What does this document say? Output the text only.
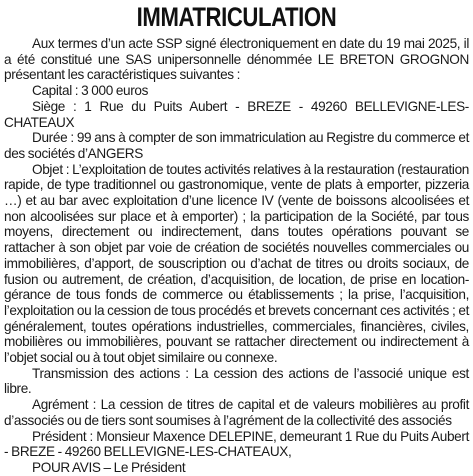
IMMATRICULATION

Aux termes d’un acte SSP signé électroniquement en date du 19 mai 2025, il a été constitué une SAS unipersonnelle dénommée LE BRETON GROGNON présentant les caractéristiques suivantes :

Capital : 3 000 euros

Siège : 1 Rue du Puits Aubert - BREZE - 49260 BELLEVIGNE-LES-CHATEAUX

Durée : 99 ans à compter de son immatriculation au Registre du commerce et des sociétés d’ANGERS

Objet : L’exploitation de toutes activités relatives à la restauration (restauration rapide, de type traditionnel ou gastronomique, vente de plats à emporter, pizzeria …) et au bar avec exploitation d’une licence IV (vente de boissons alcoolisées et non alcoolisées sur place et à emporter) ; la participation de la Société, par tous moyens, directement ou indirectement, dans toutes opérations pouvant se rattacher à son objet par voie de création de sociétés nouvelles commerciales ou immobilières, d’apport, de souscription ou d’achat de titres ou droits sociaux, de fusion ou autrement, de création, d’acquisition, de location, de prise en location-gérance de tous fonds de commerce ou établissements ; la prise, l’acquisition, l’exploitation ou la cession de tous procédés et brevets concernant ces activités ; et généralement, toutes opérations industrielles, commerciales, financières, civiles, mobilières ou immobilières, pouvant se rattacher directement ou indirectement à l’objet social ou à tout objet similaire ou connexe.

Transmission des actions : La cession des actions de l’associé unique est libre.

Agrément : La cession de titres de capital et de valeurs mobilières au profit d’associés ou de tiers sont soumises à l’agrément de la collectivité des associés

Président : Monsieur Maxence DELEPINE, demeurant 1 Rue du Puits Aubert - BREZE - 49260 BELLEVIGNE-LES-CHATEAUX,

POUR AVIS – Le Président
